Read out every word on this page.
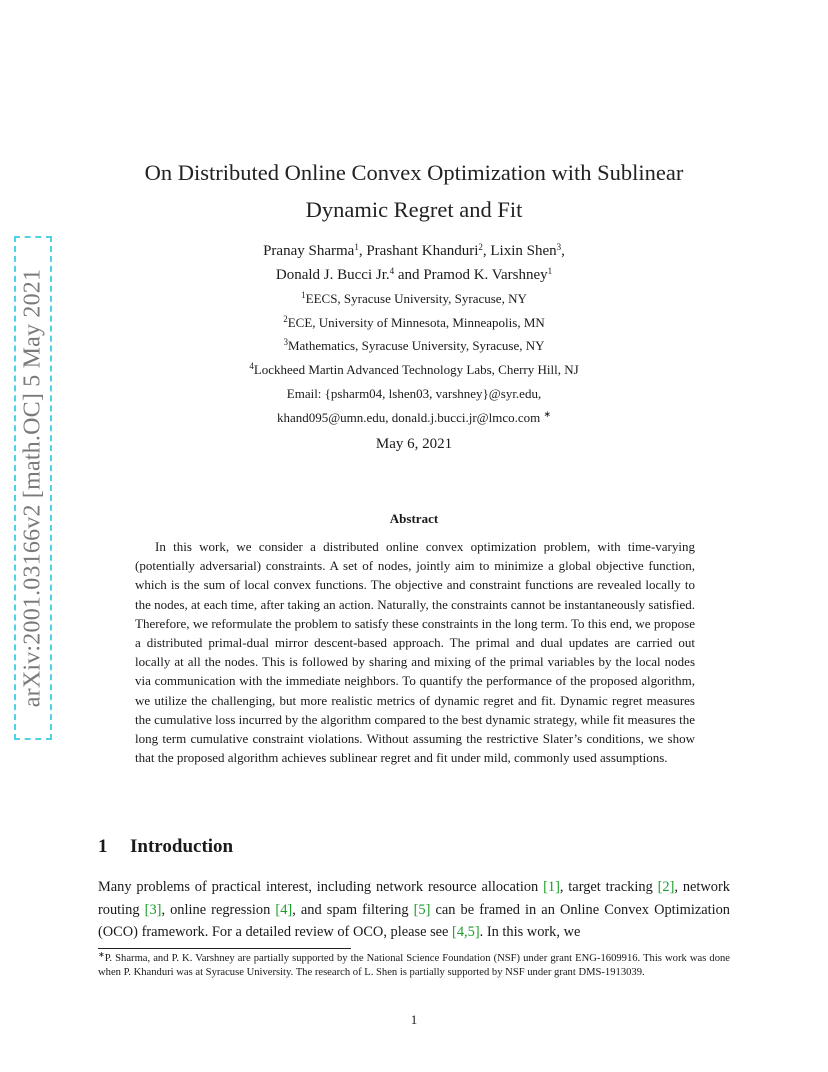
arXiv:2001.03166v2 [math.OC] 5 May 2021
On Distributed Online Convex Optimization with Sublinear
Dynamic Regret and Fit
Pranay Sharma$^1$, Prashant Khanduri$^2$, Lixin Shen$^3$,
Donald J. Bucci Jr.$^4$ and Pramod K. Varshney$^1$
$^1$EECS, Syracuse University, Syracuse, NY
$^2$ECE, University of Minnesota, Minneapolis, MN
$^3$Mathematics, Syracuse University, Syracuse, NY
$^4$Lockheed Martin Advanced Technology Labs, Cherry Hill, NJ
Email: {psharm04, lshen03, varshney}@syr.edu,
khand095@umn.edu, donald.j.bucci.jr@lmco.com ∗
May 6, 2021
Abstract
In this work, we consider a distributed online convex optimization problem, with time-varying (potentially adversarial) constraints. A set of nodes, jointly aim to minimize a global objective function, which is the sum of local convex functions. The objective and constraint functions are revealed locally to the nodes, at each time, after taking an action. Naturally, the constraints cannot be instantaneously satisfied. Therefore, we reformulate the problem to satisfy these constraints in the long term. To this end, we propose a distributed primal-dual mirror descent-based approach. The primal and dual updates are carried out locally at all the nodes. This is followed by sharing and mixing of the primal variables by the local nodes via communication with the immediate neighbors. To quantify the performance of the proposed algorithm, we utilize the challenging, but more realistic metrics of dynamic regret and fit. Dynamic regret measures the cumulative loss incurred by the algorithm compared to the best dynamic strategy, while fit measures the long term cumulative constraint violations. Without assuming the restrictive Slater’s conditions, we show that the proposed algorithm achieves sublinear regret and fit under mild, commonly used assumptions.
1 Introduction
Many problems of practical interest, including network resource allocation [1], target tracking [2], network routing [3], online regression [4], and spam filtering [5] can be framed in an Online Convex Optimization (OCO) framework. For a detailed review of OCO, please see [4,5]. In this work, we
∗P. Sharma, and P. K. Varshney are partially supported by the National Science Foundation (NSF) under grant ENG-1609916. This work was done when P. Khanduri was at Syracuse University. The research of L. Shen is partially supported by NSF under grant DMS-1913039.
1
